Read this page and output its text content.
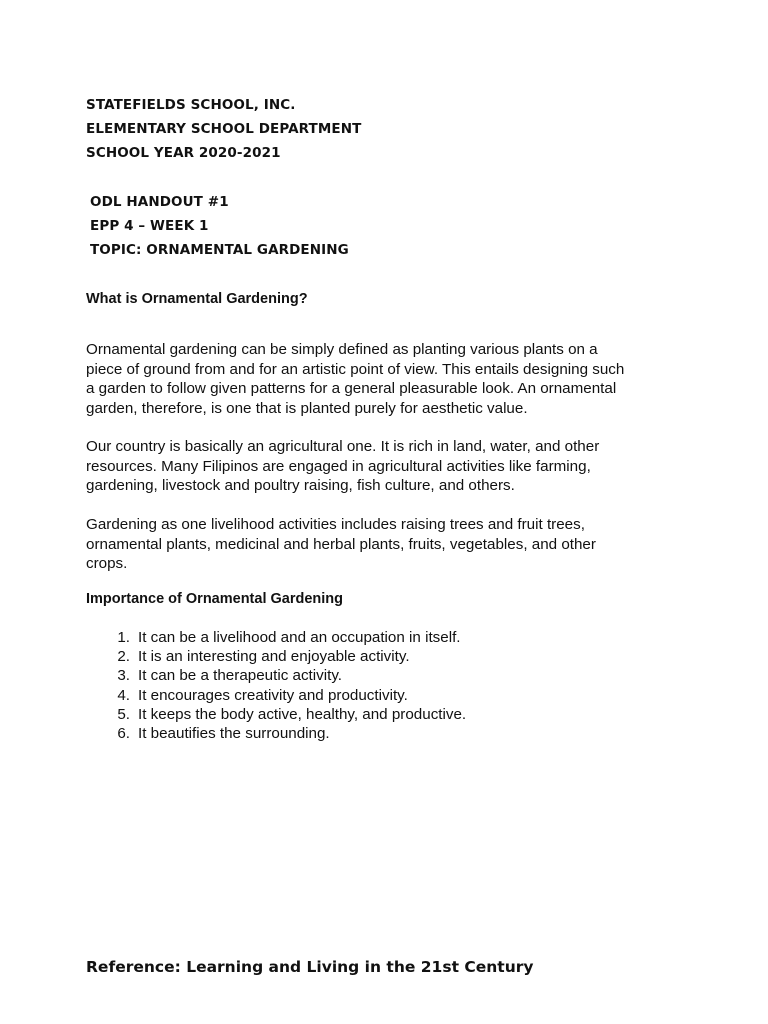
STATEFIELDS SCHOOL, INC.
ELEMENTARY SCHOOL DEPARTMENT
SCHOOL YEAR 2020-2021
ODL HANDOUT #1
EPP 4 – WEEK 1
TOPIC: ORNAMENTAL GARDENING
What is Ornamental Gardening?

Ornamental gardening can be simply defined as planting various plants on a
piece of ground from and for an artistic point of view. This entails designing such
a garden to follow given patterns for a general pleasurable look. An ornamental
garden, therefore, is one that is planted purely for aesthetic value.

Our country is basically an agricultural one. It is rich in land, water, and other
resources. Many Filipinos are engaged in agricultural activities like farming,
gardening, livestock and poultry raising, fish culture, and others.

Gardening as one livelihood activities includes raising trees and fruit trees,
ornamental plants, medicinal and herbal plants, fruits, vegetables, and other
crops.

Importance of Ornamental Gardening
1. It can be a livelihood and an occupation in itself.
2. It is an interesting and enjoyable activity.
3. It can be a therapeutic activity.
4. It encourages creativity and productivity.
5. It keeps the body active, healthy, and productive.
6. It beautifies the surrounding.
Reference: Learning and Living in the 21st Century
